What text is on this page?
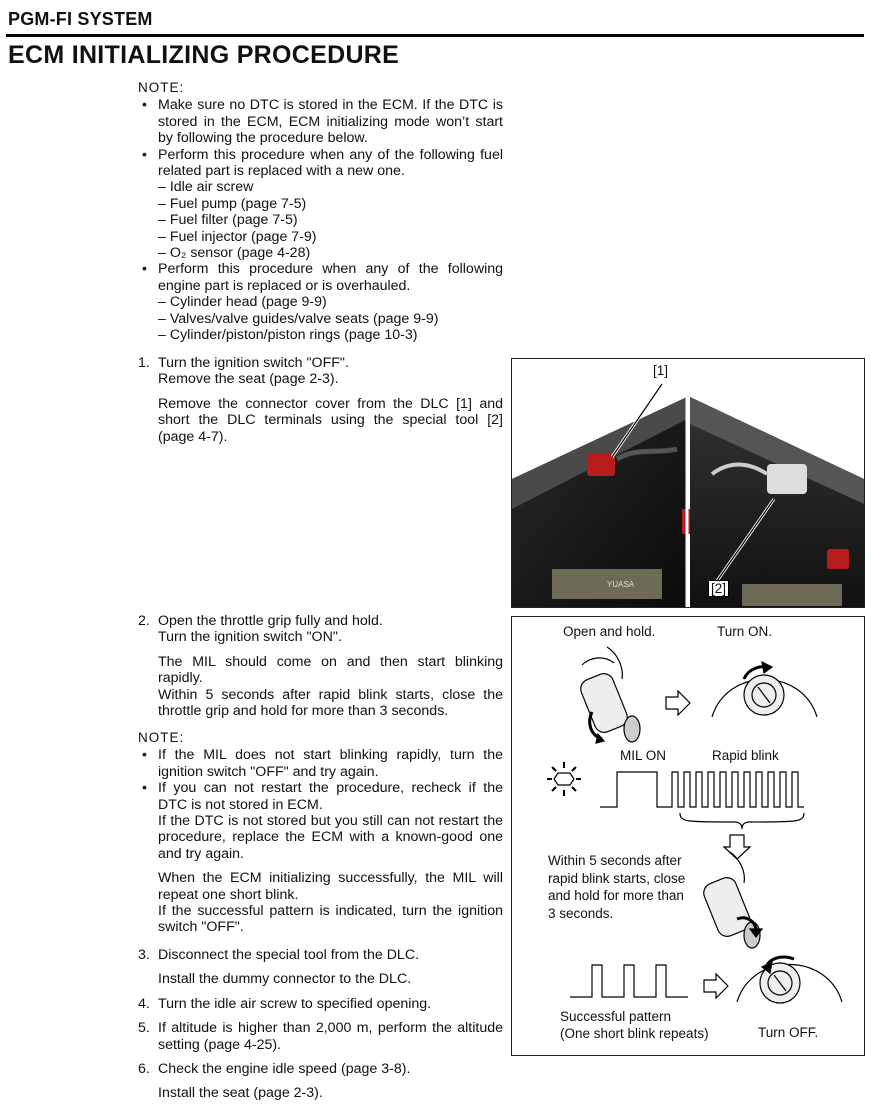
PGM-FI SYSTEM
ECM INITIALIZING PROCEDURE
NOTE:
• Make sure no DTC is stored in the ECM. If the DTC is stored in the ECM, ECM initializing mode won’t start by following the procedure below.
• Perform this procedure when any of the following fuel related part is replaced with a new one.
– Idle air screw
– Fuel pump (page 7-5)
– Fuel filter (page 7-5)
– Fuel injector (page 7-9)
– O₂ sensor (page 4-28)
• Perform this procedure when any of the following engine part is replaced or is overhauled.
– Cylinder head (page 9-9)
– Valves/valve guides/valve seats (page 9-9)
– Cylinder/piston/piston rings (page 10-3)
1. Turn the ignition switch "OFF".
Remove the seat (page 2-3).
Remove the connector cover from the DLC [1] and short the DLC terminals using the special tool [2] (page 4-7).
2. Open the throttle grip fully and hold.
Turn the ignition switch "ON".
The MIL should come on and then start blinking rapidly.
Within 5 seconds after rapid blink starts, close the throttle grip and hold for more than 3 seconds.
NOTE:
• If the MIL does not start blinking rapidly, turn the ignition switch "OFF" and try again.
• If you can not restart the procedure, recheck if the DTC is not stored in ECM.
If the DTC is not stored but you still can not restart the procedure, replace the ECM with a known-good one and try again.
When the ECM initializing successfully, the MIL will repeat one short blink.
If the successful pattern is indicated, turn the ignition switch "OFF".
3. Disconnect the special tool from the DLC.
Install the dummy connector to the DLC.
4. Turn the idle air screw to specified opening.
5. If altitude is higher than 2,000 m, perform the altitude setting (page 4-25).
6. Check the engine idle speed (page 3-8).
Install the seat (page 2-3).
YUASA
[1]
[2]
Open and hold.	Turn ON.
MIL ON	Rapid blink
Within 5 seconds after
rapid blink starts, close
and hold for more than
3 seconds.
Successful pattern
(One short blink repeats)	Turn OFF.
